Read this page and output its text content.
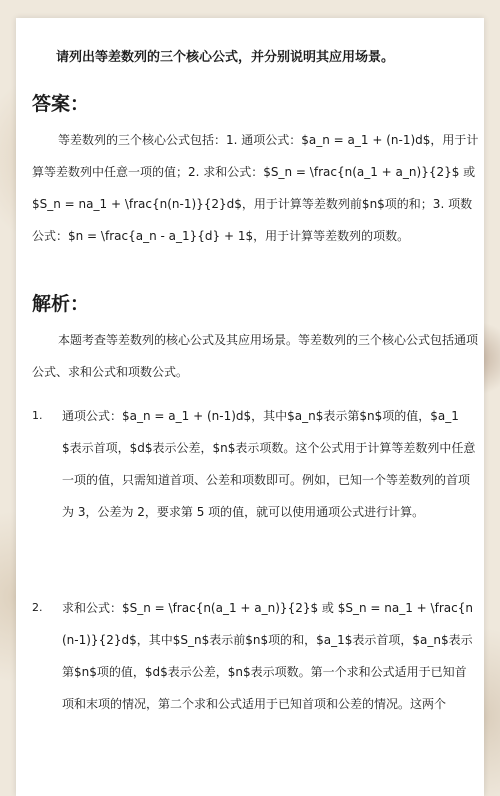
请列出等差数列的三个核心公式，并分别说明其应用场景。
答案：
等差数列的三个核心公式包括：1. 通项公式：$a_n = a_1 + (n-1)d$，用于计算等差数列中任意一项的值；2. 求和公式：$S_n = \frac{n(a_1 + a_n)}{2}$ 或 $S_n = na_1 + \frac{n(n-1)}{2}d$，用于计算等差数列前$n$项的和；3. 项数公式：$n = \frac{a_n - a_1}{d} + 1$，用于计算等差数列的项数。
解析：
本题考查等差数列的核心公式及其应用场景。等差数列的三个核心公式包括通项公式、求和公式和项数公式。
1.	通项公式：$a_n = a_1 + (n-1)d$，其中$a_n$表示第$n$项的值，$a_1$表示首项，$d$表示公差，$n$表示项数。这个公式用于计算等差数列中任意一项的值，只需知道首项、公差和项数即可。例如，已知一个等差数列的首项为 3，公差为 2，要求第 5 项的值，就可以使用通项公式进行计算。
2.	求和公式：$S_n = \frac{n(a_1 + a_n)}{2}$ 或 $S_n = na_1 + \frac{n(n-1)}{2}d$，其中$S_n$表示前$n$项的和，$a_1$表示首项，$a_n$表示第$n$项的值，$d$表示公差，$n$表示项数。第一个求和公式适用于已知首项和末项的情况，第二个求和公式适用于已知首项和公差的情况。这两个
